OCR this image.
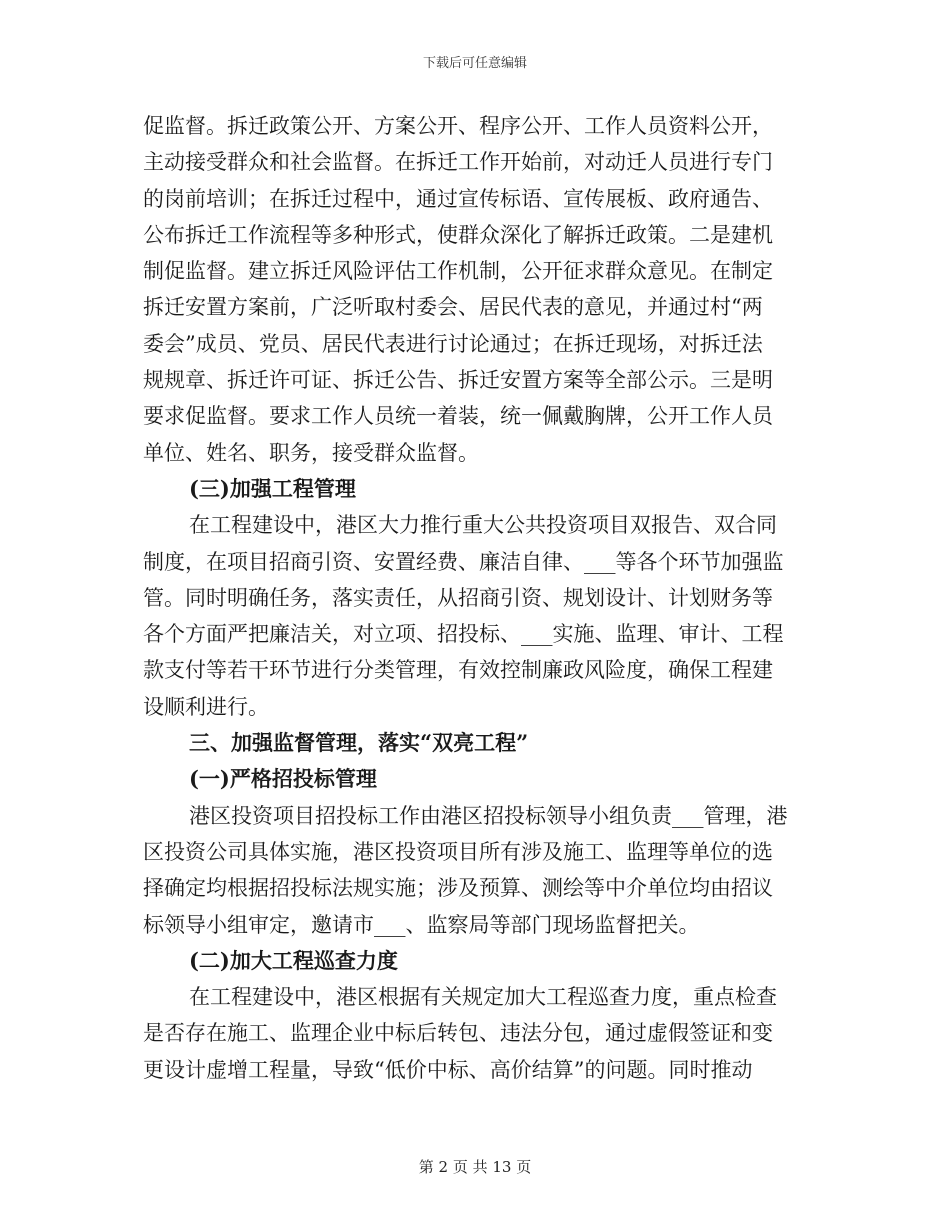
下载后可任意编辑
促监督。拆迁政策公开、方案公开、程序公开、工作人员资料公开，
主动接受群众和社会监督。在拆迁工作开始前，对动迁人员进行专门
的岗前培训；在拆迁过程中，通过宣传标语、宣传展板、政府通告、
公布拆迁工作流程等多种形式，使群众深化了解拆迁政策。二是建机
制促监督。建立拆迁风险评估工作机制，公开征求群众意见。在制定
拆迁安置方案前，广泛听取村委会、居民代表的意见，并通过村“两
委会”成员、党员、居民代表进行讨论通过；在拆迁现场，对拆迁法
规规章、拆迁许可证、拆迁公告、拆迁安置方案等全部公示。三是明
要求促监督。要求工作人员统一着装，统一佩戴胸牌，公开工作人员
单位、姓名、职务，接受群众监督。
(三)加强工程管理
在工程建设中，港区大力推行重大公共投资项目双报告、双合同
制度，在项目招商引资、安置经费、廉洁自律、___等各个环节加强监
管。同时明确任务，落实责任，从招商引资、规划设计、计划财务等
各个方面严把廉洁关，对立项、招投标、___实施、监理、审计、工程
款支付等若干环节进行分类管理，有效控制廉政风险度，确保工程建
设顺利进行。
三、加强监督管理，落实“双亮工程”
(一)严格招投标管理
港区投资项目招投标工作由港区招投标领导小组负责___管理，港
区投资公司具体实施，港区投资项目所有涉及施工、监理等单位的选
择确定均根据招投标法规实施；涉及预算、测绘等中介单位均由招议
标领导小组审定，邀请市___、监察局等部门现场监督把关。
(二)加大工程巡查力度
在工程建设中，港区根据有关规定加大工程巡查力度，重点检查
是否存在施工、监理企业中标后转包、违法分包，通过虚假签证和变
更设计虚增工程量，导致“低价中标、高价结算”的问题。同时推动
第 2 页 共 13 页
